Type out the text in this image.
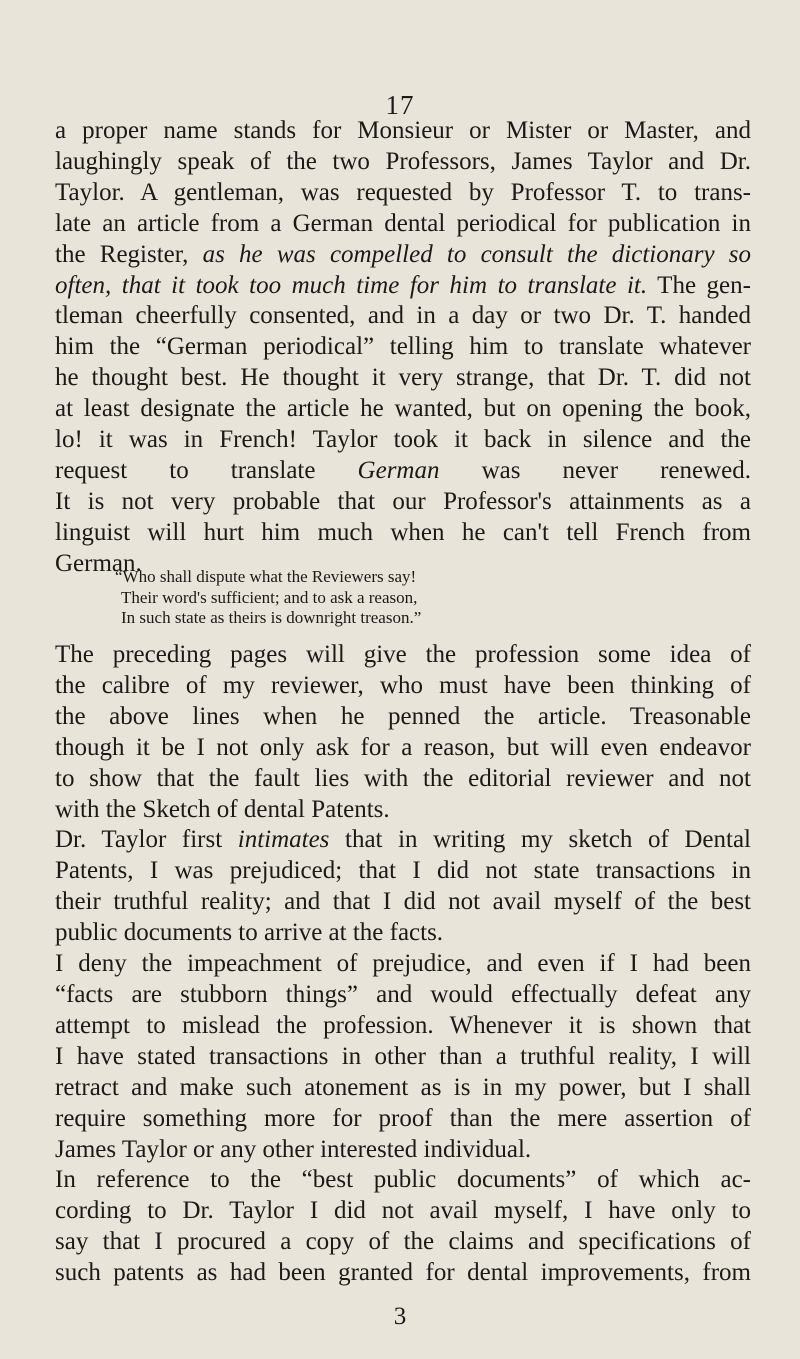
17
a proper name stands for Monsieur or Mister or Master, and
laughingly speak of the two Professors, James Taylor and Dr.
Taylor. A gentleman, was requested by Professor T. to trans-
late an article from a German dental periodical for publication in
the Register, as he was compelled to consult the dictionary so
often, that it took too much time for him to translate it. The gen-
tleman cheerfully consented, and in a day or two Dr. T. handed
him the “German periodical” telling him to translate whatever
he thought best. He thought it very strange, that Dr. T. did not
at least designate the article he wanted, but on opening the book,
lo! it was in French! Taylor took it back in silence and the
request to translate German was never renewed.
It is not very probable that our Professor's attainments as a
linguist will hurt him much when he can't tell French from
German.
“Who shall dispute what the Reviewers say!
Their word's sufficient; and to ask a reason,
In such state as theirs is downright treason.”
The preceding pages will give the profession some idea of
the calibre of my reviewer, who must have been thinking of
the above lines when he penned the article. Treasonable
though it be I not only ask for a reason, but will even endeavor
to show that the fault lies with the editorial reviewer and not
with the Sketch of dental Patents.
Dr. Taylor first intimates that in writing my sketch of Dental
Patents, I was prejudiced; that I did not state transactions in
their truthful reality; and that I did not avail myself of the best
public documents to arrive at the facts.
I deny the impeachment of prejudice, and even if I had been
“facts are stubborn things” and would effectually defeat any
attempt to mislead the profession. Whenever it is shown that
I have stated transactions in other than a truthful reality, I will
retract and make such atonement as is in my power, but I shall
require something more for proof than the mere assertion of
James Taylor or any other interested individual.
In reference to the “best public documents” of which ac-
cording to Dr. Taylor I did not avail myself, I have only to
say that I procured a copy of the claims and specifications of
such patents as had been granted for dental improvements, from
3
